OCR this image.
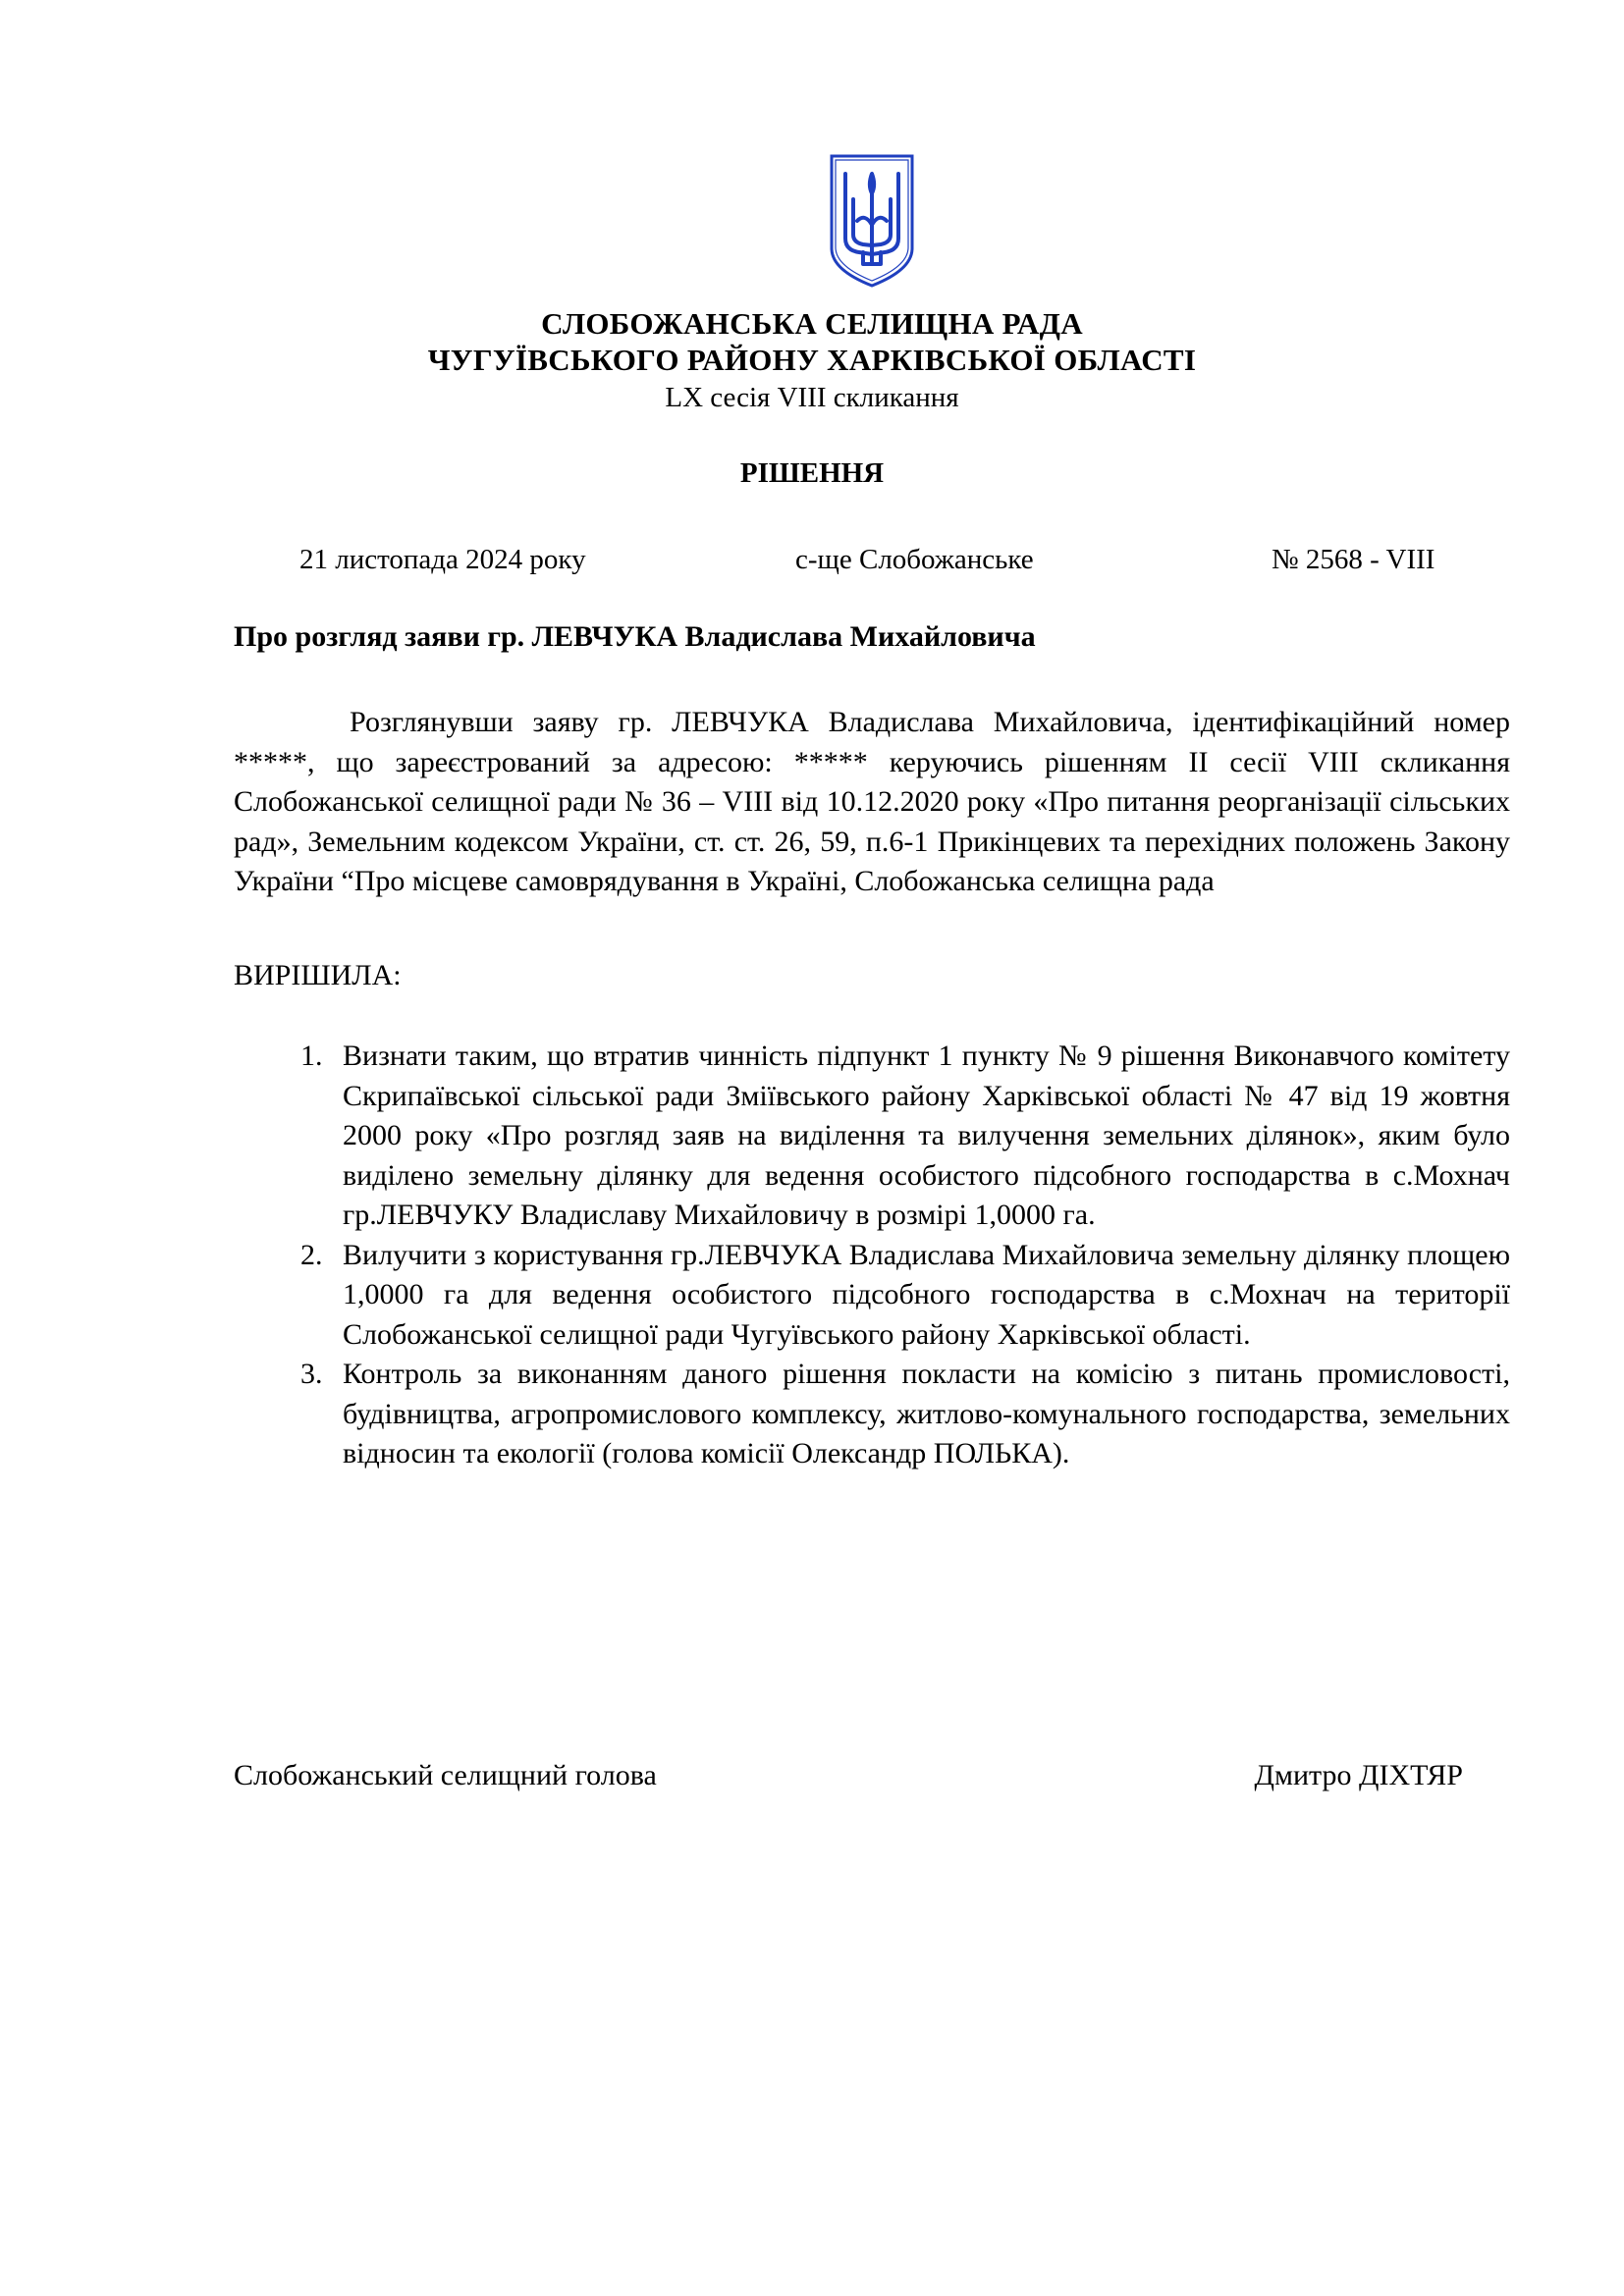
СЛОБОЖАНСЬКА СЕЛИЩНА РАДА
ЧУГУЇВСЬКОГО РАЙОНУ ХАРКІВСЬКОЇ ОБЛАСТІ
LХ сесія VIII скликання
РІШЕННЯ
21 листопада 2024 року	с-ще Слобожанське	№ 2568 - VIII
Про розгляд заяви гр. ЛЕВЧУКА Владислава Михайловича
Розглянувши заяву гр. ЛЕВЧУКА Владислава Михайловича, ідентифікаційний номер *****, що зареєстрований за адресою: ***** керуючись рішенням ІІ сесії VIII скликання Слобожанської селищної ради № 36 – VIII від 10.12.2020 року «Про питання реорганізації сільських рад», Земельним кодексом України, ст. ст. 26, 59, п.6-1 Прикінцевих та перехідних положень Закону України “Про місцеве самоврядування в Україні, Слобожанська селищна рада
ВИРІШИЛА:
1. Визнати таким, що втратив чинність підпункт 1 пункту № 9 рішення Виконавчого комітету Скрипаївської сільської ради Зміївського району Харківської області № 47 від 19 жовтня 2000 року «Про розгляд заяв на виділення та вилучення земельних ділянок», яким було виділено земельну ділянку для ведення особистого підсобного господарства в с.Мохнач гр.ЛЕВЧУКУ Владиславу Михайловичу в розмірі 1,0000 га.
2. Вилучити з користування гр.ЛЕВЧУКА Владислава Михайловича земельну ділянку площею 1,0000 га для ведення особистого підсобного господарства в с.Мохнач на території Слобожанської селищної ради Чугуївського району Харківської області.
3. Контроль за виконанням даного рішення покласти на комісію з питань промисловості, будівництва, агропромислового комплексу, житлово-комунального господарства, земельних відносин та екології (голова комісії Олександр ПОЛЬКА).
Слобожанський селищний голова	Дмитро ДІХТЯР
